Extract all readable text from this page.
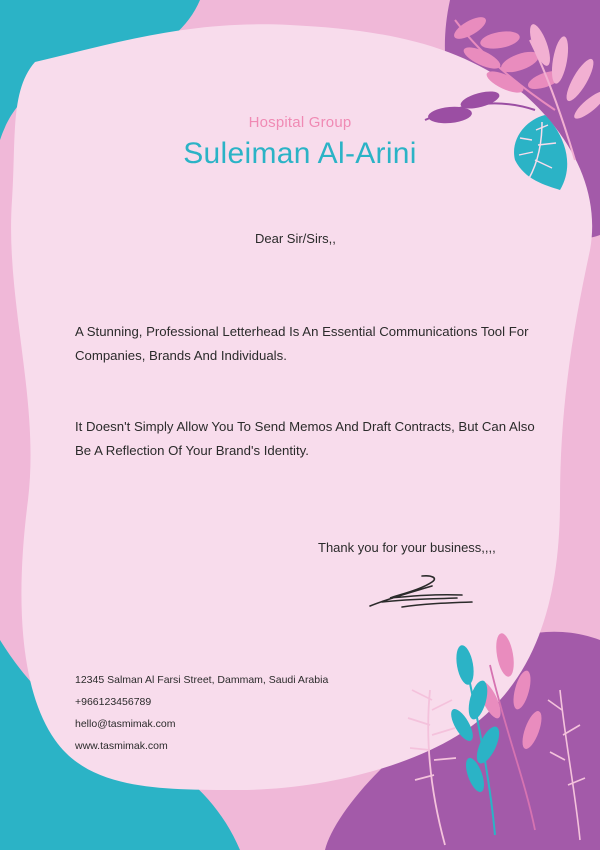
Hospital Group

Suleiman Al-Arini

Dear Sir/Sirs,,

A Stunning, Professional Letterhead Is An Essential Communications Tool For Companies, Brands And Individuals.

It Doesn't Simply Allow You To Send Memos And Draft Contracts, But Can Also Be A Reflection Of Your Brand's Identity.

Thank you for your business,,,,

12345 Salman Al Farsi Street, Dammam, Saudi Arabia

+966123456789

hello@tasmimak.com

www.tasmimak.com
